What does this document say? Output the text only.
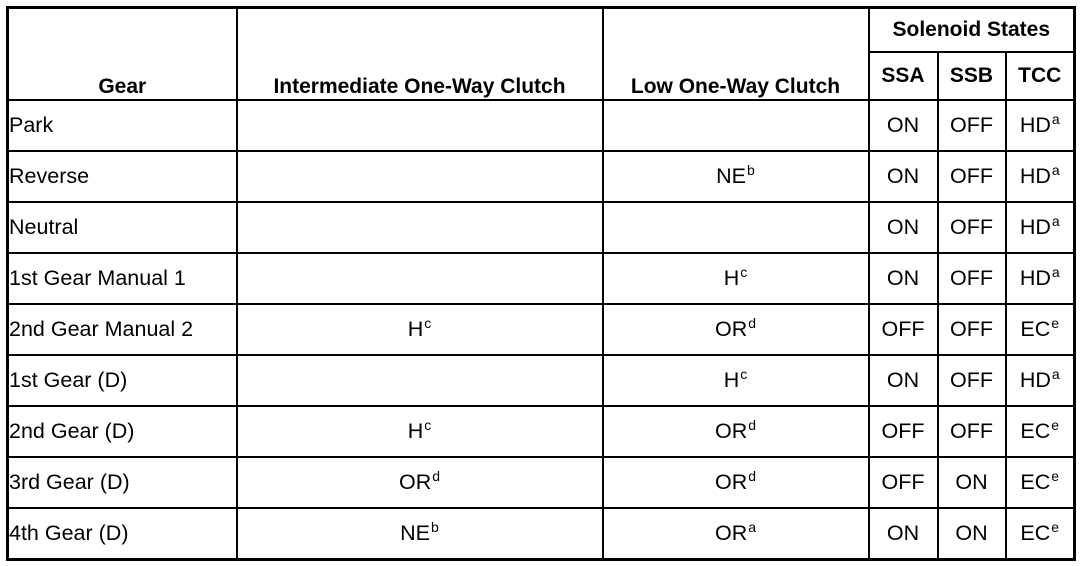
Gear	Intermediate One-Way Clutch	Low One-Way Clutch	Solenoid States		
			SSA	SSB	TCC
Park			ON	OFF	$HD^a$
Reverse		$NE^b$	ON	OFF	$HD^a$
Neutral			ON	OFF	$HD^a$
1st Gear Manual 1		$H^c$	ON	OFF	$HD^a$
2nd Gear Manual 2	$H^c$	$OR^d$	OFF	OFF	$EC^e$
1st Gear (D)		$H^c$	ON	OFF	$HD^a$
2nd Gear (D)	$H^c$	$OR^d$	OFF	OFF	$EC^e$
3rd Gear (D)	$OR^d$	$OR^d$	OFF	ON	$EC^e$
4th Gear (D)	$NE^b$	$OR^a$	ON	ON	$EC^e$
